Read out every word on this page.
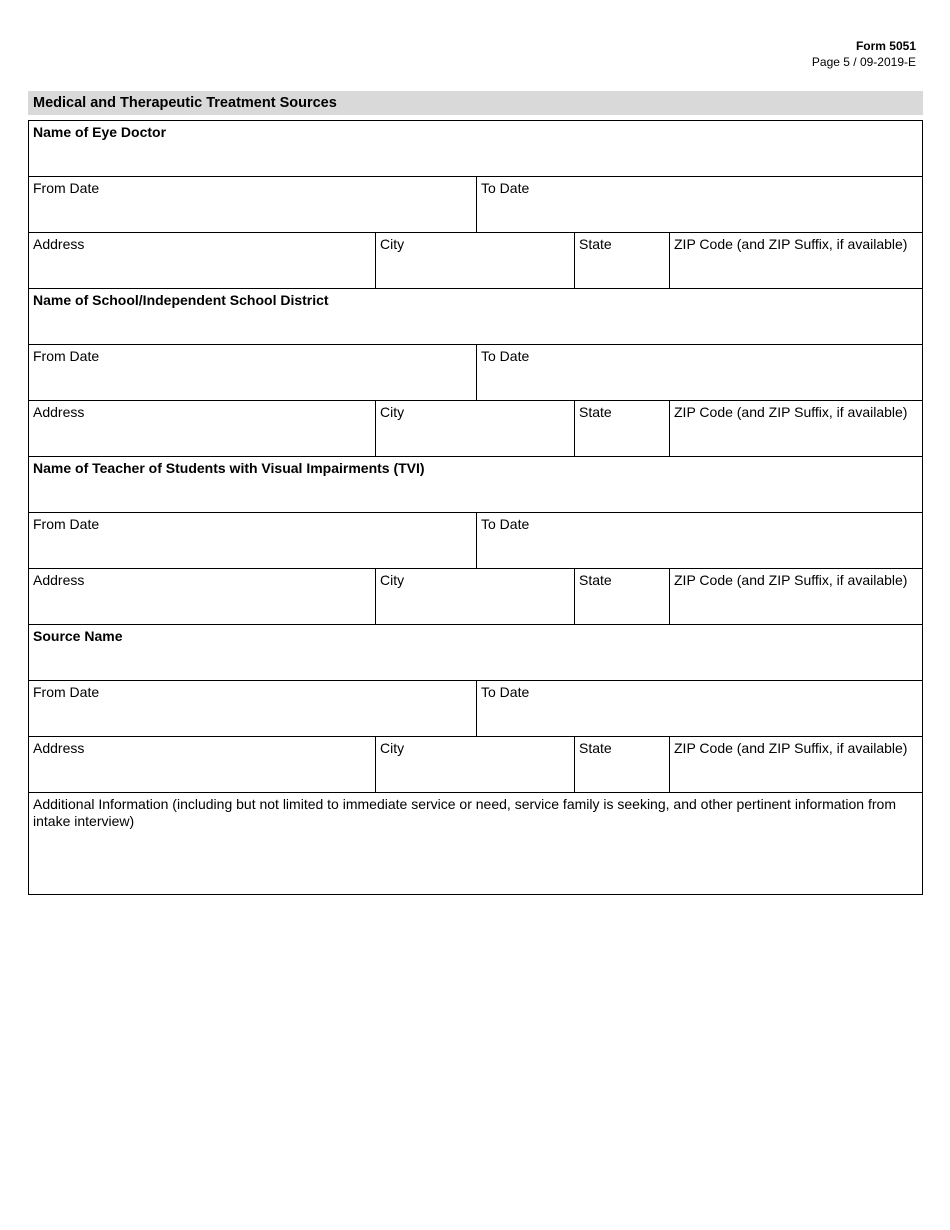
Form 5051
Page 5 / 09-2019-E
Medical and Therapeutic Treatment Sources
Name of Eye Doctor
From Date	To Date
Address	City	State	ZIP Code (and ZIP Suffix, if available)
Name of School/Independent School District
From Date	To Date
Address	City	State	ZIP Code (and ZIP Suffix, if available)
Name of Teacher of Students with Visual Impairments (TVI)
From Date	To Date
Address	City	State	ZIP Code (and ZIP Suffix, if available)
Source Name
From Date	To Date
Address	City	State	ZIP Code (and ZIP Suffix, if available)
Additional Information (including but not limited to immediate service or need, service family is seeking, and other pertinent information from intake interview)
